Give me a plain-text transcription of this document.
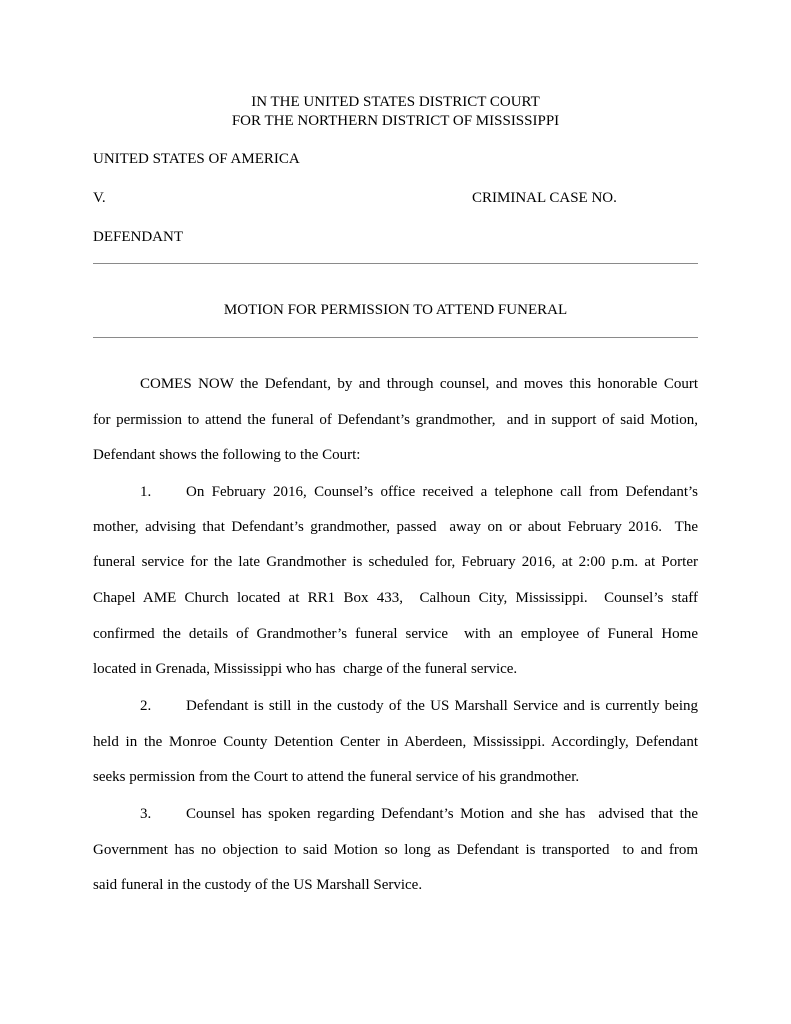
IN THE UNITED STATES DISTRICT COURT
FOR THE NORTHERN DISTRICT OF MISSISSIPPI
UNITED STATES OF AMERICA
V.	CRIMINAL CASE NO.
DEFENDANT
MOTION FOR PERMISSION TO ATTEND FUNERAL
COMES NOW the Defendant, by and through counsel, and moves this honorable Court
for permission to attend the funeral of Defendant’s grandmother,  and in support of said Motion,
Defendant shows the following to the Court:
1. On February 2016, Counsel’s office received a telephone call from Defendant’s
mother, advising that Defendant’s grandmother, passed  away on or about February 2016.  The
funeral service for the late Grandmother is scheduled for, February 2016, at 2:00 p.m. at Porter
Chapel AME Church located at RR1 Box 433,  Calhoun City, Mississippi.  Counsel’s staff
confirmed the details of Grandmother’s funeral service  with an employee of Funeral Home
located in Grenada, Mississippi who has  charge of the funeral service.
2. Defendant is still in the custody of the US Marshall Service and is currently being
held in the Monroe County Detention Center in Aberdeen, Mississippi. Accordingly, Defendant
seeks permission from the Court to attend the funeral service of his grandmother.
3. Counsel has spoken regarding Defendant’s Motion and she has  advised that the
Government has no objection to said Motion so long as Defendant is transported  to and from
said funeral in the custody of the US Marshall Service.
